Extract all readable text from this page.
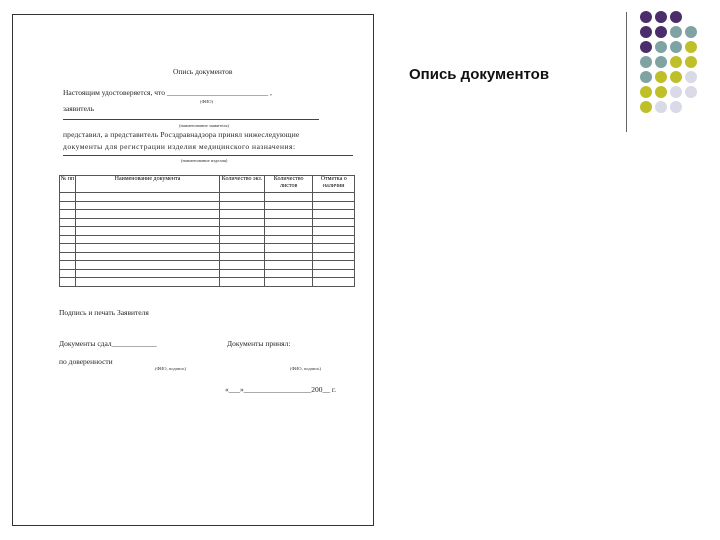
Опись документов
Настоящим удостоверяется, что ___________________________ ,
(ФИО)
заявитель
(наименование заявителя)
представил, а представитель Росздравнадзора принял нижеследующие
документы для регистрации изделия медицинского назначения:
(наименование изделия)
№ пп	Наименование документа	Количество экз.	Количество листов	Отметка о наличии

Подпись и печать Заявителя
Документы сдал____________	Документы принял:
по доверенности
(ФИО, подпись)	(ФИО, подпись)
«___»__________________200__ г.
Опись документов
